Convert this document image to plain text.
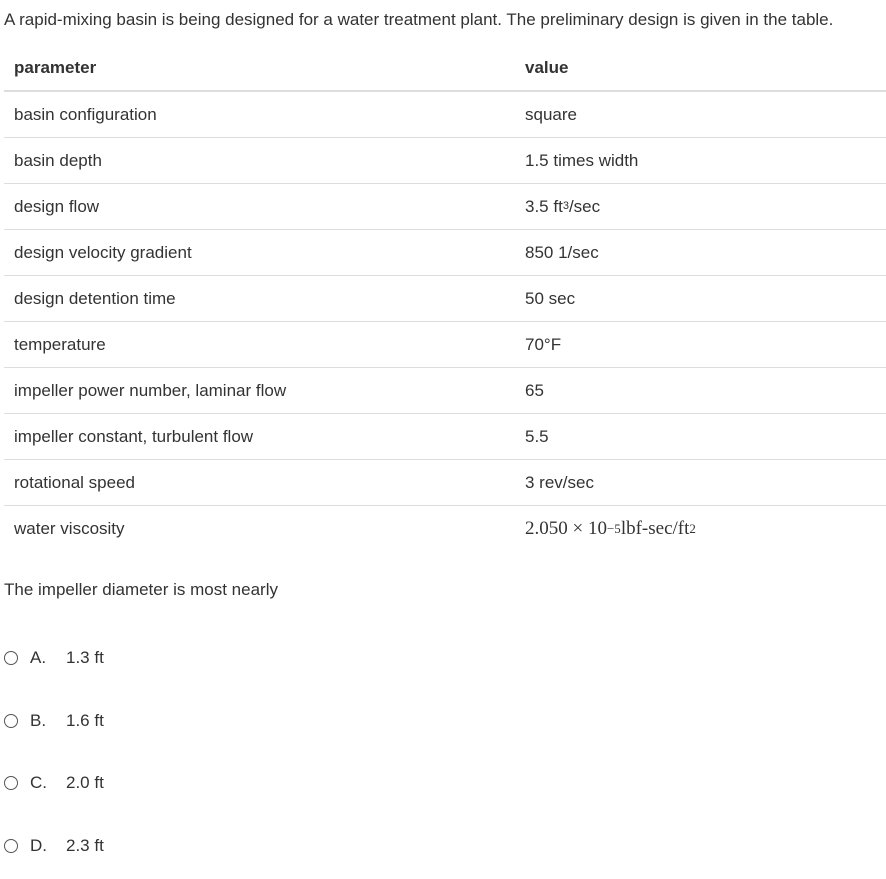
A rapid-mixing basin is being designed for a water treatment plant. The preliminary design is given in the table.
parameter	value
basin configuration	square
basin depth	1.5 times width
design flow	3.5 $ft^3$ /sec
design velocity gradient	850 1/sec
design detention time	50 sec
temperature	70°F
impeller power number, laminar flow	65
impeller constant, turbulent flow	5.5
rotational speed	3 rev/sec
water viscosity	2.050 × 10 −5 lbf-sec/ft 2
The impeller diameter is most nearly
A.	1.3 ft
B.	1.6 ft
C.	2.0 ft
D.	2.3 ft
